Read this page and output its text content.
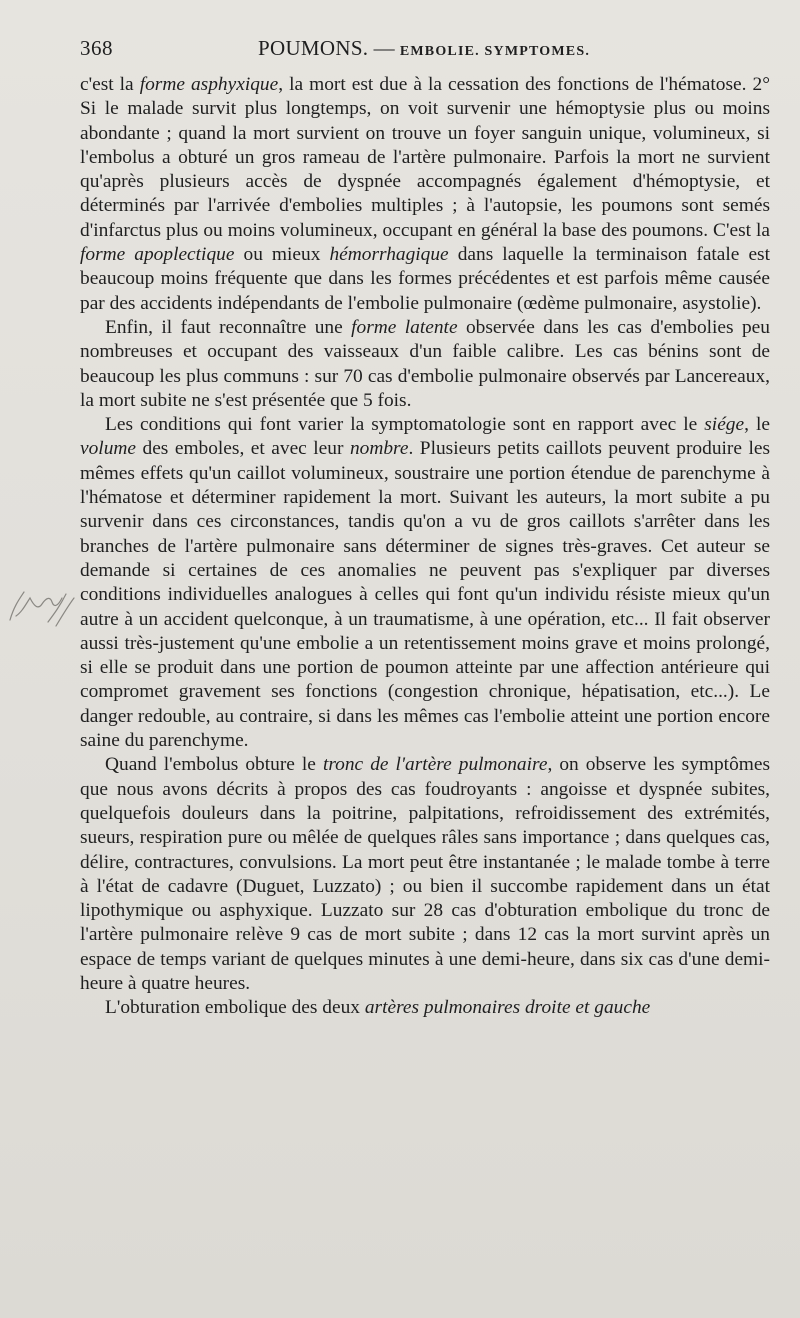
368	POUMONS. — EMBOLIE. SYMPTOMES.

c'est la forme asphyxique, la mort est due à la cessation des fonctions de l'hématose. 2° Si le malade survit plus longtemps, on voit survenir une hémoptysie plus ou moins abondante ; quand la mort survient on trouve un foyer sanguin unique, volumineux, si l'embolus a obturé un gros rameau de l'artère pulmonaire. Parfois la mort ne survient qu'après plusieurs accès de dyspnée accompagnés également d'hémoptysie, et déterminés par l'arrivée d'embolies multiples ; à l'autopsie, les poumons sont semés d'infarctus plus ou moins volumineux, occupant en général la base des poumons. C'est la forme apoplectique ou mieux hémorrhagique dans laquelle la terminaison fatale est beaucoup moins fréquente que dans les formes précédentes et est parfois même causée par des accidents indépendants de l'embolie pulmonaire (œdème pulmonaire, asystolie).

Enfin, il faut reconnaître une forme latente observée dans les cas d'embolies peu nombreuses et occupant des vaisseaux d'un faible calibre. Les cas bénins sont de beaucoup les plus communs : sur 70 cas d'embolie pulmonaire observés par Lancereaux, la mort subite ne s'est présentée que 5 fois.

Les conditions qui font varier la symptomatologie sont en rapport avec le siége, le volume des emboles, et avec leur nombre. Plusieurs petits caillots peuvent produire les mêmes effets qu'un caillot volumineux, soustraire une portion étendue de parenchyme à l'hématose et déterminer rapidement la mort. Suivant les auteurs, la mort subite a pu survenir dans ces circonstances, tandis qu'on a vu de gros caillots s'arrêter dans les branches de l'artère pulmonaire sans déterminer de signes très-graves. Cet auteur se demande si certaines de ces anomalies ne peuvent pas s'expliquer par diverses conditions individuelles analogues à celles qui font qu'un individu résiste mieux qu'un autre à un accident quelconque, à un traumatisme, à une opération, etc... Il fait observer aussi très-justement qu'une embolie a un retentissement moins grave et moins prolongé, si elle se produit dans une portion de poumon atteinte par une affection antérieure qui compromet gravement ses fonctions (congestion chronique, hépatisation, etc...). Le danger redouble, au contraire, si dans les mêmes cas l'embolie atteint une portion encore saine du parenchyme.

Quand l'embolus obture le tronc de l'artère pulmonaire, on observe les symptômes que nous avons décrits à propos des cas foudroyants : angoisse et dyspnée subites, quelquefois douleurs dans la poitrine, palpitations, refroidissement des extrémités, sueurs, respiration pure ou mêlée de quelques râles sans importance ; dans quelques cas, délire, contractures, convulsions. La mort peut être instantanée ; le malade tombe à terre à l'état de cadavre (Duguet, Luzzato) ; ou bien il succombe rapidement dans un état lipothymique ou asphyxique. Luzzato sur 28 cas d'obturation embolique du tronc de l'artère pulmonaire relève 9 cas de mort subite ; dans 12 cas la mort survint après un espace de temps variant de quelques minutes à une demi-heure, dans six cas d'une demi-heure à quatre heures.

L'obturation embolique des deux artères pulmonaires droite et gauche
